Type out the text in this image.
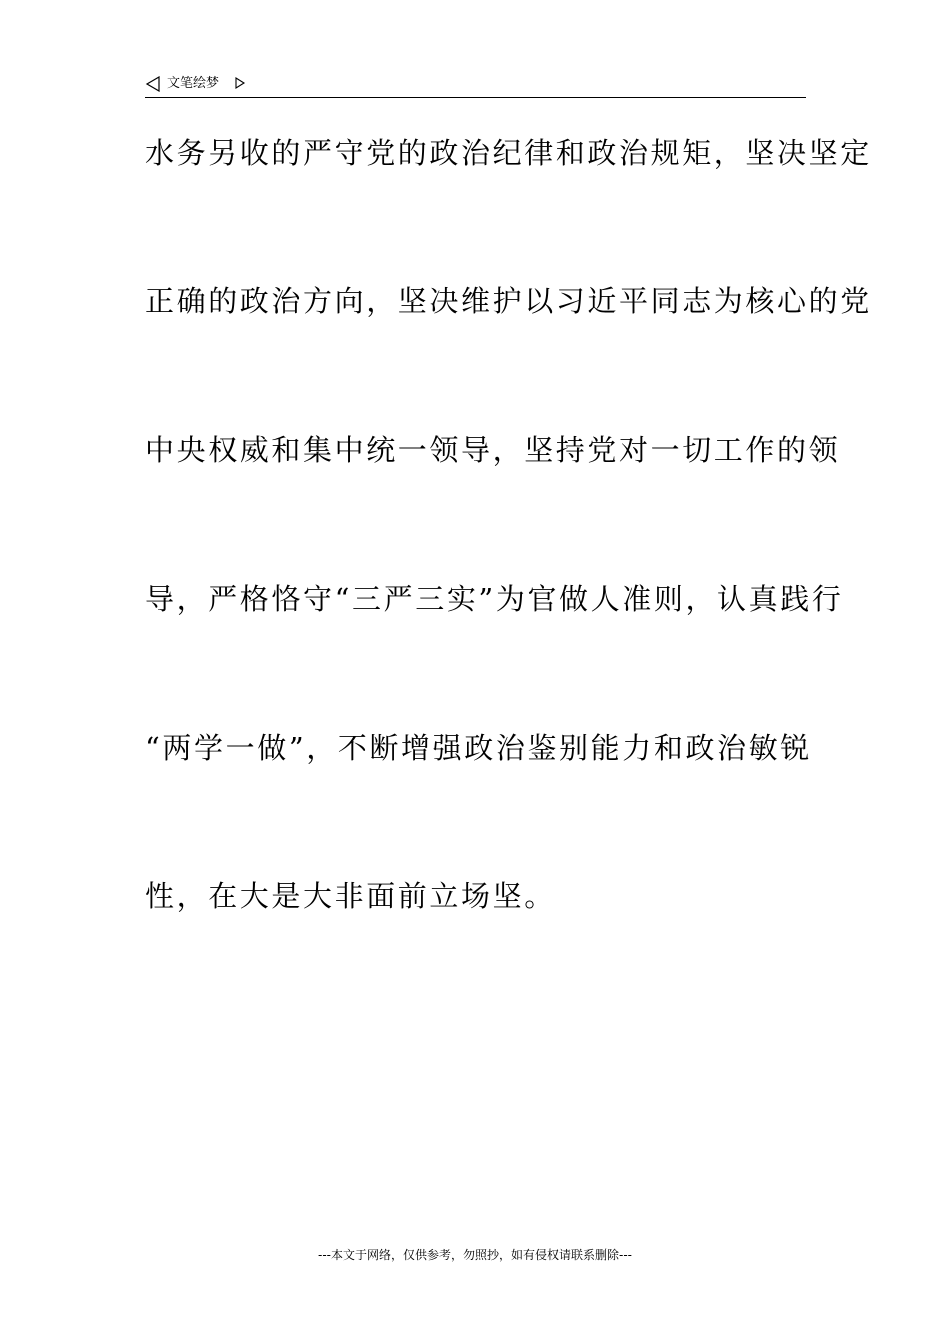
文笔绘梦
水务另收的严守党的政治纪律和政治规矩，坚决坚定
正确的政治方向，坚决维护以习近平同志为核心的党
中央权威和集中统一领导，坚持党对一切工作的领
导，严格恪守“三严三实”为官做人准则，认真践行
“两学一做”，不断增强政治鉴别能力和政治敏锐
性，在大是大非面前立场坚。
---本文于网络，仅供参考，勿照抄，如有侵权请联系删除---
